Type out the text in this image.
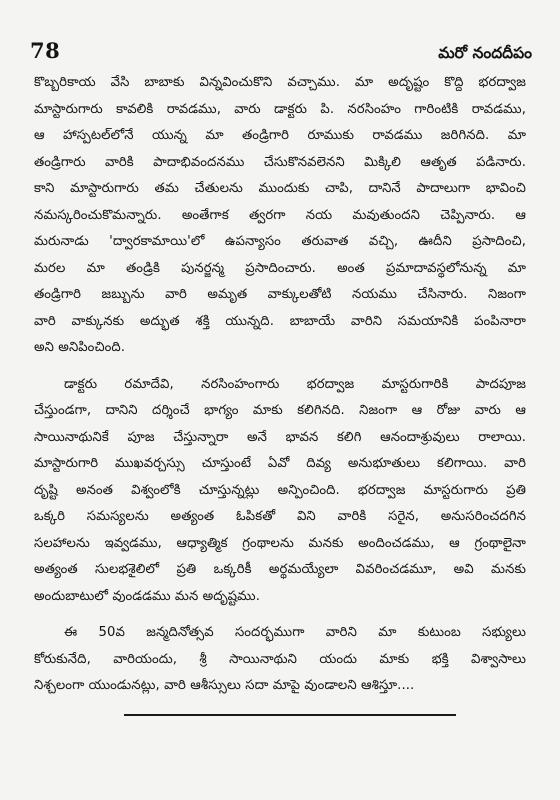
78	మరో నందదీపం
కొబ్బరికాయ వేసి బాబాకు విన్నవించుకొని వచ్చాము. మా అదృష్టం కొద్ది భరద్వాజ
మాస్టారుగారు కావలికి రావడము, వారు డాక్టరు పి. నరసింహం గారింటికి రావడము,
ఆ హాస్పటల్‌లోనే యున్న మా తండ్రిగారి రూముకు రావడము జరిగినది. మా
తండ్రిగారు వారికి పాదాభివందనము చేసుకొనవలెనని మిక్కిలి ఆతృత పడినారు.
కాని మాస్టారుగారు తమ చేతులను ముందుకు చాపి, దానినే పాదాలుగా భావించి
నమస్కరించుకొమన్నారు. అంతేగాక త్వరగా నయ మవుతుందని చెప్పినారు. ఆ
మరునాడు 'ద్వారకామాయి'లో ఉపన్యాసం తరువాత వచ్చి, ఊదీని ప్రసాదించి,
మరల మా తండ్రికి పునర్జన్మ ప్రసాదించారు. అంత ప్రమాదావస్థలోనున్న మా
తండ్రిగారి జబ్బును వారి అమృత వాక్కులతోటి నయము చేసినారు. నిజంగా
వారి వాక్కునకు అద్భుత శక్తి యున్నది. బాబాయే వారిని సమయానికి పంపినారా
అని అనిపించింది.
డాక్టరు రమాదేవి, నరసింహంగారు భరద్వాజ మాస్టరుగారికి పాదపూజ
చేస్తుండగా, దానిని దర్శించే భాగ్యం మాకు కలిగినది. నిజంగా ఆ రోజు వారు ఆ
సాయినాథునికే పూజ చేస్తున్నారా అనే భావన కలిగి ఆనందాశ్రువులు రాలాయి.
మాస్టారుగారి ముఖవర్చస్సు చూస్తుంటే ఏవో దివ్య అనుభూతులు కలిగాయి. వారి
దృష్టి అనంత విశ్వంలోకి చూస్తున్నట్లు అన్పించింది. భరద్వాజ మాస్టరుగారు ప్రతి
ఒక్కరి సమస్యలను అత్యంత ఓపికతో విని వారికి సరైన, అనుసరించదగిన
సలహాలను ఇవ్వడము, ఆధ్యాత్మిక గ్రంథాలను మనకు అందించడము, ఆ గ్రంథాలైనా
అత్యంత సులభశైలిలో ప్రతి ఒక్కరికీ అర్థమయ్యేలా వివరించడమూ, అవి మనకు
అందుబాటులో వుండడము మన అదృష్టము.
ఈ 50వ జన్మదినోత్సవ సందర్భముగా వారిని మా కుటుంబ సభ్యులు
కోరుకునేది, వారియందు, శ్రీ సాయినాథుని యందు మాకు భక్తి విశ్వాసాలు
నిశ్చలంగా యుండునట్లు, వారి ఆశీస్సులు సదా మాపై వుండాలని ఆశిస్తూ....
